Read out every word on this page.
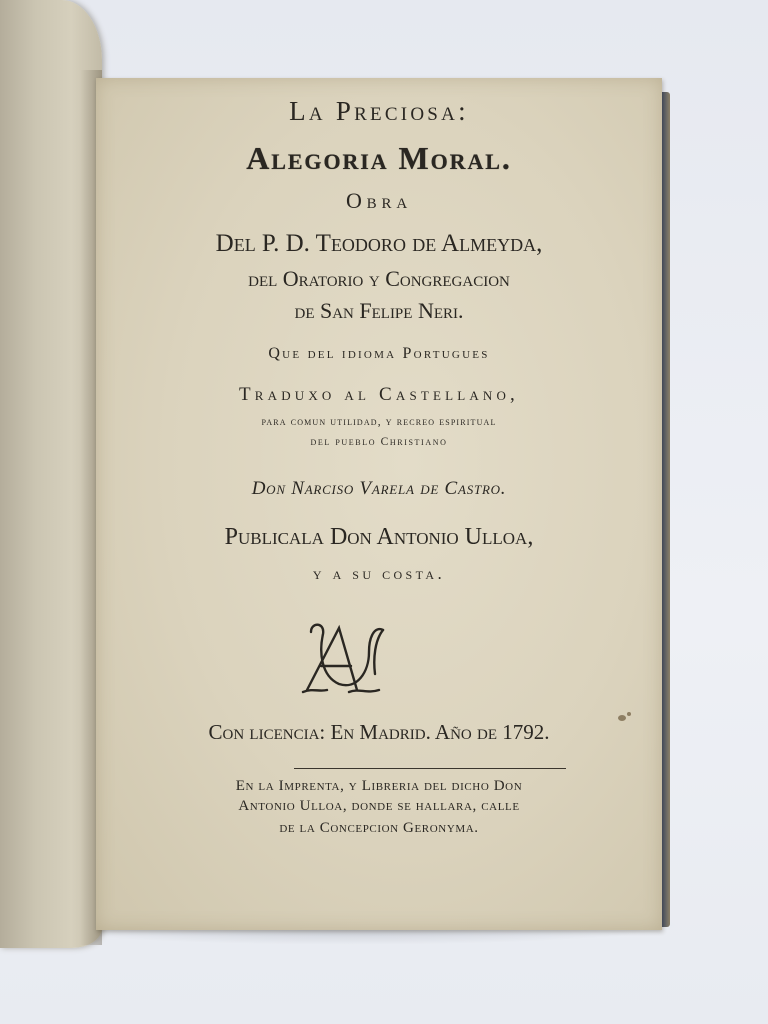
La Preciosa:

Alegoria Moral.

Obra

Del P. D. Teodoro de Almeyda,

del Oratorio y Congregacion

de San Felipe Neri.

Que del idioma Portugues

Traduxo al Castellano,

para comun utilidad, y recreo espiritual

del pueblo Christiano

Don Narciso Varela de Castro.

Publicala Don Antonio Ulloa,

y a su costa.

Con licencia: En Madrid. Año de 1792.

En la Imprenta, y Libreria del dicho Don

Antonio Ulloa, donde se hallara, calle

de la Concepcion Geronyma.
